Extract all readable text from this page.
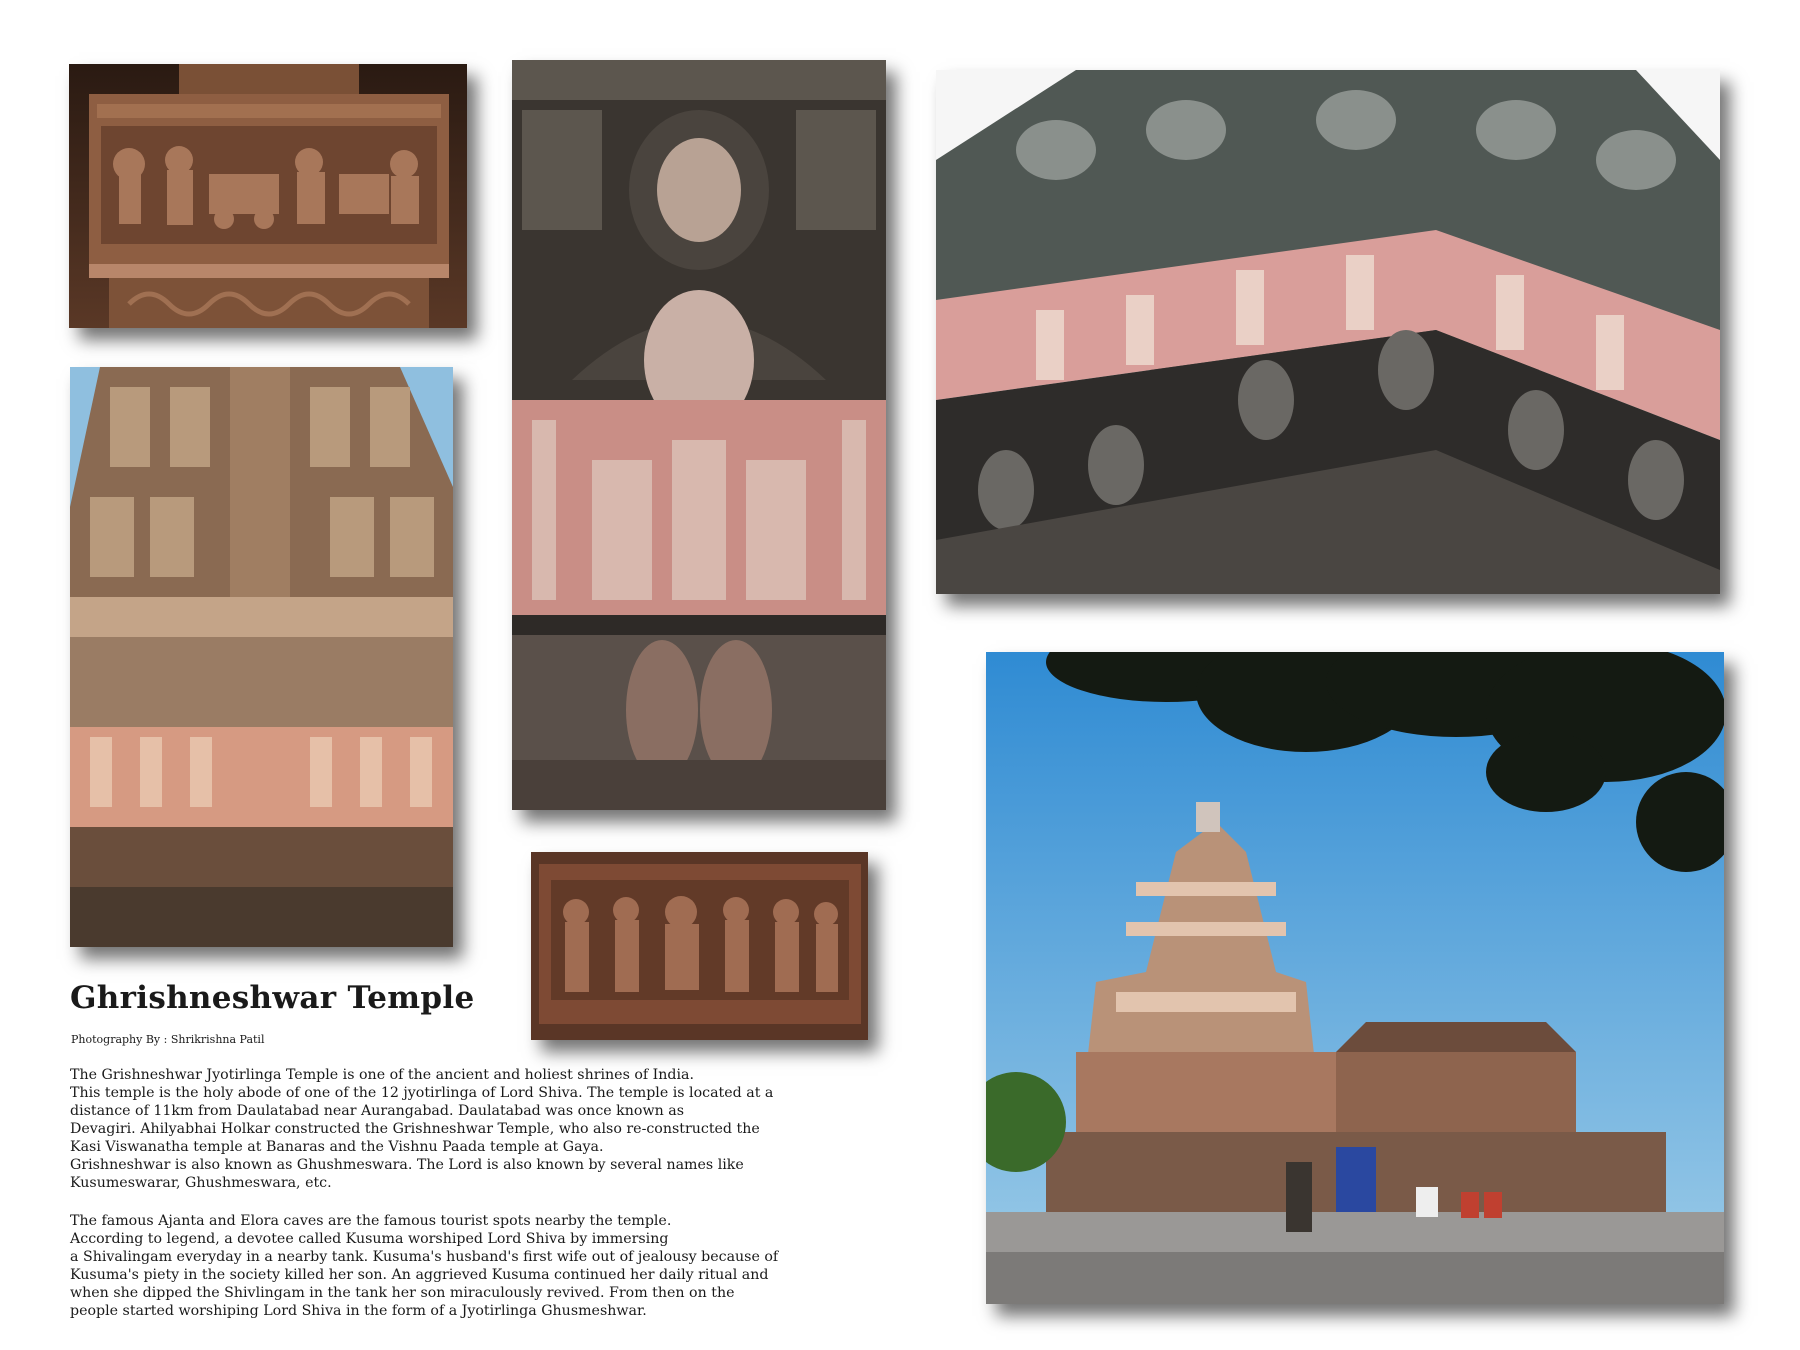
Ghrishneshwar Temple

Photography By : Shrikrishna Patil

The Grishneshwar Jyotirlinga Temple is one of the ancient and holiest shrines of India.
This temple is the holy abode of one of the 12 jyotirlinga of Lord Shiva. The temple is located at a
distance of 11km from Daulatabad near Aurangabad. Daulatabad was once known as
Devagiri. Ahilyabhai Holkar constructed the Grishneshwar Temple, who also re-constructed the
Kasi Viswanatha temple at Banaras and the Vishnu Paada temple at Gaya.
Grishneshwar is also known as Ghushmeswara. The Lord is also known by several names like
Kusumeswarar, Ghushmeswara, etc.

The famous Ajanta and Elora caves are the famous tourist spots nearby the temple.
According to legend, a devotee called Kusuma worshiped Lord Shiva by immersing
a Shivalingam everyday in a nearby tank. Kusuma's husband's first wife out of jealousy because of
Kusuma's piety in the society killed her son. An aggrieved Kusuma continued her daily ritual and
when she dipped the Shivlingam in the tank her son miraculously revived. From then on the
people started worshiping Lord Shiva in the form of a Jyotirlinga Ghusmeshwar.
